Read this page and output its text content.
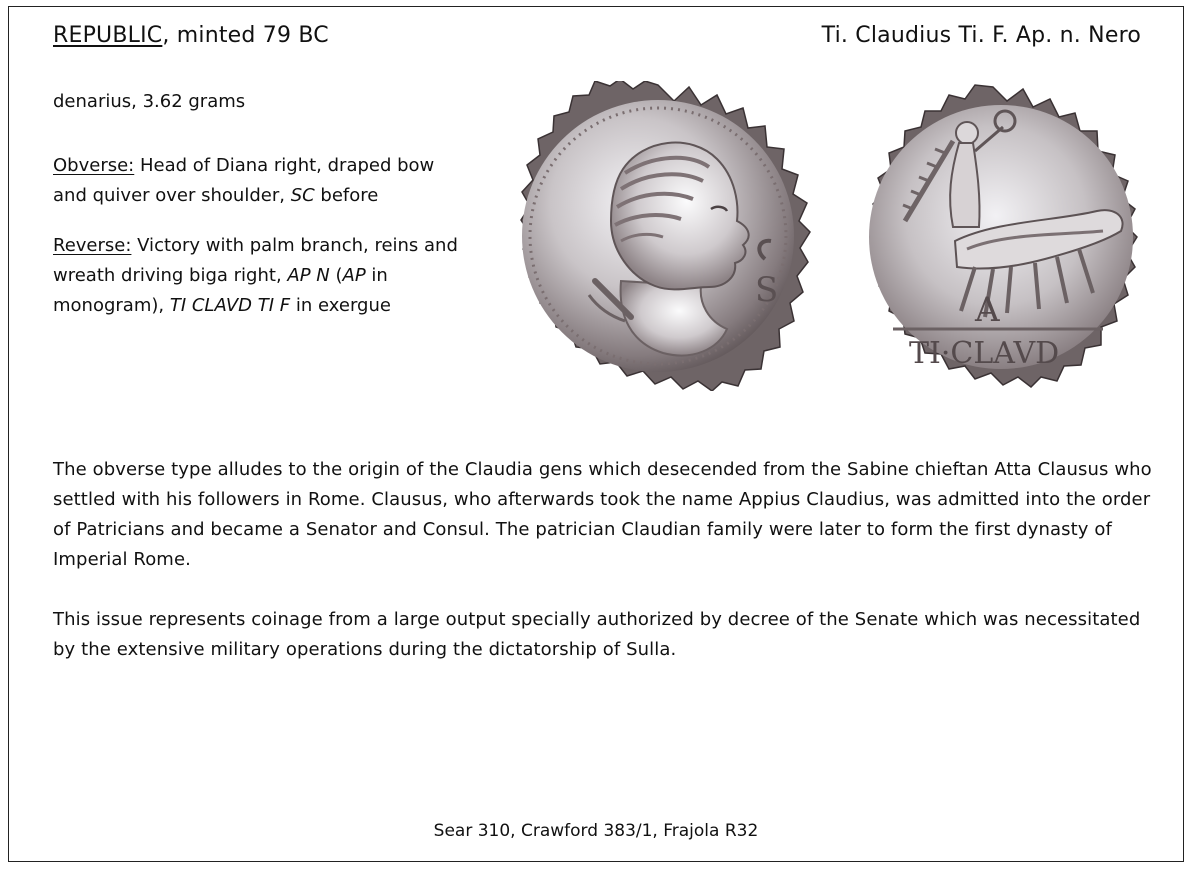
REPUBLIC, minted 79 BC	Ti. Claudius Ti. F. Ap. n. Nero
denarius, 3.62 grams
Obverse: Head of Diana right, draped bow and quiver over shoulder, SC before
Reverse: Victory with palm branch, reins and wreath driving biga right, AP N (AP in monogram), TI CLAVD TI F in exergue	S	A
TI·CLAVD
The obverse type alludes to the origin of the Claudia gens which desecended from the Sabine chieftan Atta Clausus who settled with his followers in Rome. Clausus, who afterwards took the name Appius Claudius, was admitted into the order of Patricians and became a Senator and Consul. The patrician Claudian family were later to form the first dynasty of Imperial Rome.
This issue represents coinage from a large output specially authorized by decree of the Senate which was necessitated by the extensive military operations during the dictatorship of Sulla.
Sear 310, Crawford 383/1, Frajola R32
